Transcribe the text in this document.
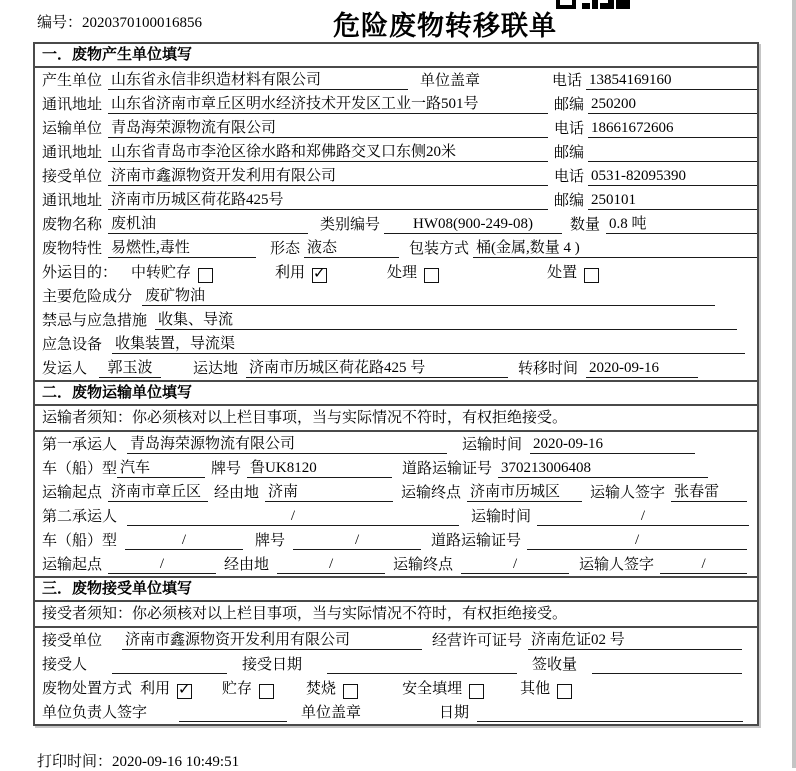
编号：2020370100016856	危险废物转移联单
一．废物产生单位填写
产生单位 山东省永信非织造材料有限公司	单位盖章	电话 13854169160
通讯地址 山东省济南市章丘区明水经济技术开发区工业一路501号	邮编 250200
运输单位 青岛海荣源物流有限公司	电话 18661672606
通讯地址 山东省青岛市李沧区徐水路和郑佛路交叉口东侧20米	邮编
接受单位 济南市鑫源物资开发利用有限公司	电话 0531-82095390
通讯地址 济南市历城区荷花路425号	邮编 250101
废物名称 废机油	类别编号	HW08(900-249-08)	数量 0.8 吨
废物特性 易燃性,毒性	形态 液态	包装方式 桶(金属,数量 4 )
外运目的： 中转贮存	利用 ✓	处理	处置
主要危险成分 废矿物油
禁忌与应急措施 收集、导流
应急设备 收集装置，导流渠
发运人	郭玉波	运达地 济南市历城区荷花路425 号	转移时间 2020-09-16
二．废物运输单位填写
运输者须知：你必须核对以上栏目事项，当与实际情况不符时，有权拒绝接受。
第一承运人 青岛海荣源物流有限公司	运输时间 2020-09-16
车（船）型 汽车	牌号 鲁UK8120	道路运输证号 370213006408
运输起点 济南市章丘区 经由地 济南	运输终点 济南市历城区	运输人签字 张春雷
第二承运人	/	运输时间	/
车（船）型	/	牌号	/	道路运输证号	/
运输起点	/	经由地	/	运输终点	/	运输人签字	/
三．废物接受单位填写
接受者须知：你必须核对以上栏目事项，当与实际情况不符时，有权拒绝接受。
接受单位 济南市鑫源物资开发利用有限公司	经营许可证号 济南危证02 号
接受人	接受日期	签收量
废物处置方式 利用 ✓	贮存	焚烧	安全填埋	其他
单位负责人签字	单位盖章	日期
打印时间：2020-09-16 10:49:51
